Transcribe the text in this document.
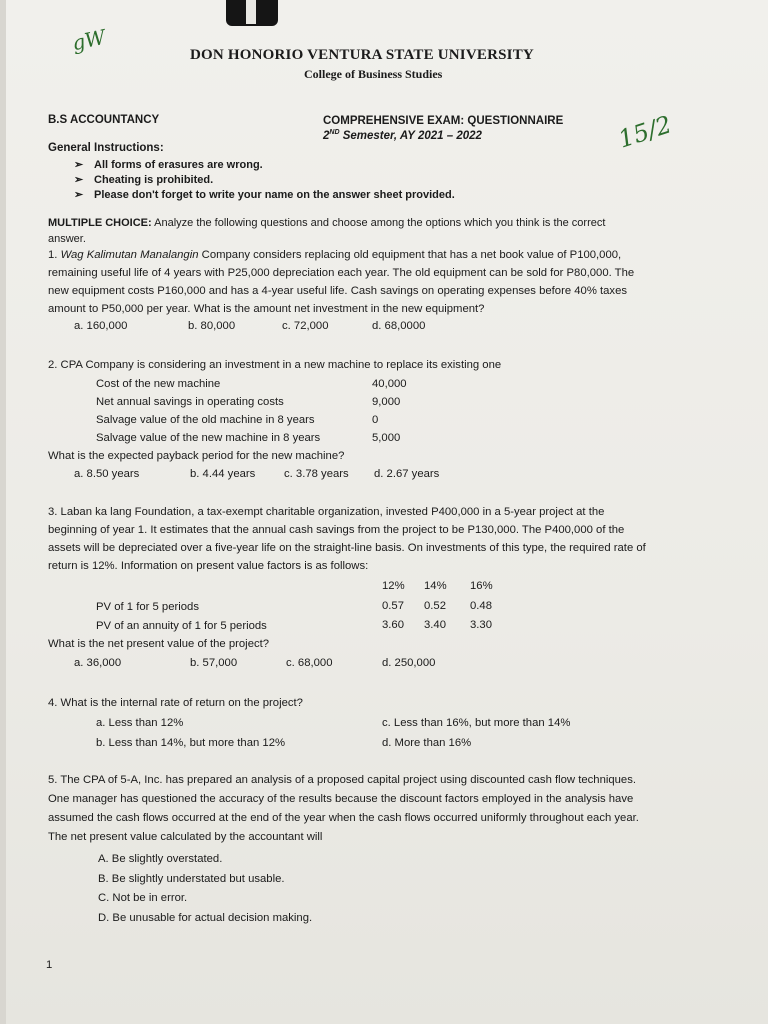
gW
15/2
DON HONORIO VENTURA STATE UNIVERSITY
College of Business Studies
B.S ACCOUNTANCY	COMPREHENSIVE EXAM: QUESTIONNAIRE
2ND Semester, AY 2021 – 2022
General Instructions:
➢ All forms of erasures are wrong.
➢ Cheating is prohibited.
➢ Please don't forget to write your name on the answer sheet provided.
MULTIPLE CHOICE: Analyze the following questions and choose among the options which you think is the correct
answer.
1. Wag Kalimutan Manalangin Company considers replacing old equipment that has a net book value of P100,000,
remaining useful life of 4 years with P25,000 depreciation each year. The old equipment can be sold for P80,000. The
new equipment costs P160,000 and has a 4-year useful life. Cash savings on operating expenses before 40% taxes
amount to P50,000 per year. What is the amount net investment in the new equipment?
a. 160,000	b. 80,000	c. 72,000	d. 68,0000
2. CPA Company is considering an investment in a new machine to replace its existing one
Cost of the new machine	40,000
Net annual savings in operating costs	9,000
Salvage value of the old machine in 8 years	0
Salvage value of the new machine in 8 years	5,000
What is the expected payback period for the new machine?
a. 8.50 years	b. 4.44 years	c. 3.78 years d. 2.67 years
3. Laban ka lang Foundation, a tax-exempt charitable organization, invested P400,000 in a 5-year project at the
beginning of year 1. It estimates that the annual cash savings from the project to be P130,000. The P400,000 of the
assets will be depreciated over a five-year life on the straight-line basis. On investments of this type, the required rate of
return is 12%. Information on present value factors is as follows:
12% 14% 16%
PV of 1 for 5 periods	0.57 0.52 0.48
PV of an annuity of 1 for 5 periods	3.60 3.40 3.30
What is the net present value of the project?
a. 36,000	b. 57,000	c. 68,000	d. 250,000
4. What is the internal rate of return on the project?
a. Less than 12%	c. Less than 16%, but more than 14%
b. Less than 14%, but more than 12%	d. More than 16%
5. The CPA of 5-A, Inc. has prepared an analysis of a proposed capital project using discounted cash flow techniques.
One manager has questioned the accuracy of the results because the discount factors employed in the analysis have
assumed the cash flows occurred at the end of the year when the cash flows occurred uniformly throughout each year.
The net present value calculated by the accountant will
A. Be slightly overstated.
B. Be slightly understated but usable.
C. Not be in error.
D. Be unusable for actual decision making.
1
